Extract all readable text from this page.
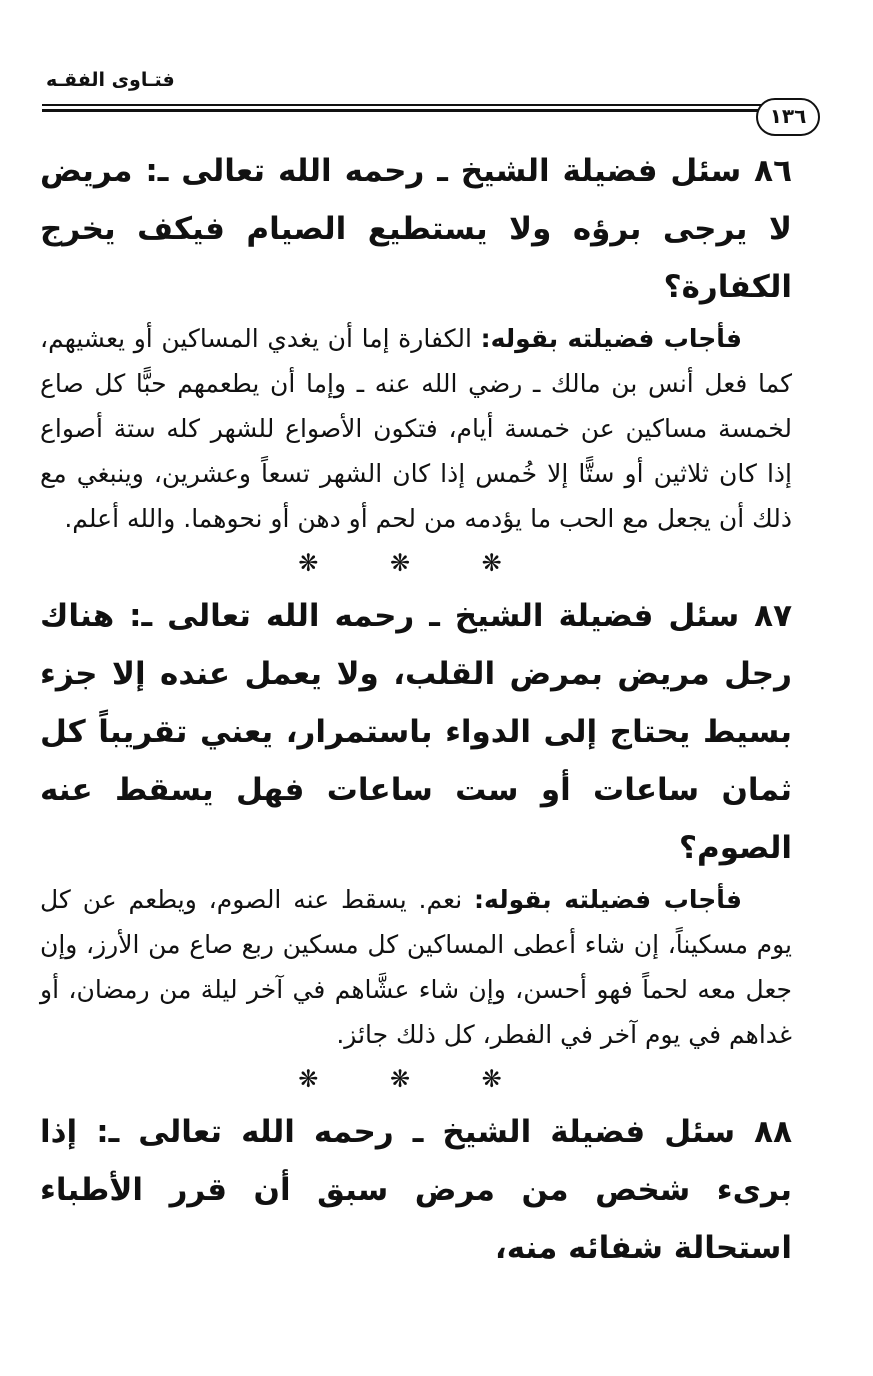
فتـاوى الفقـه
١٣٦

٨٦ سئل فضيلة الشيخ ـ رحمه الله تعالى ـ: مريض لا يرجى برؤه ولا يستطيع الصيام فيكف يخرج الكفارة؟

فأجاب فضيلته بقوله: الكفارة إما أن يغدي المساكين أو يعشيهم، كما فعل أنس بن مالك ـ رضي الله عنه ـ وإما أن يطعمهم حبًّا كل صاع لخمسة مساكين عن خمسة أيام، فتكون الأصواع للشهر كله ستة أصواع إذا كان ثلاثين أو ستًّا إلا خُمس إذا كان الشهر تسعاً وعشرين، وينبغي مع ذلك أن يجعل مع الحب ما يؤدمه من لحم أو دهن أو نحوهما. والله أعلم.

❋ ❋ ❋

٨٧ سئل فضيلة الشيخ ـ رحمه الله تعالى ـ: هناك رجل مريض بمرض القلب، ولا يعمل عنده إلا جزء بسيط يحتاج إلى الدواء باستمرار، يعني تقريباً كل ثمان ساعات أو ست ساعات فهل يسقط عنه الصوم؟

فأجاب فضيلته بقوله: نعم. يسقط عنه الصوم، ويطعم عن كل يوم مسكيناً، إن شاء أعطى المساكين كل مسكين ربع صاع من الأرز، وإن جعل معه لحماً فهو أحسن، وإن شاء عشَّاهم في آخر ليلة من رمضان، أو غداهم في يوم آخر في الفطر، كل ذلك جائز.

❋ ❋ ❋

٨٨ سئل فضيلة الشيخ ـ رحمه الله تعالى ـ: إذا برىء شخص من مرض سبق أن قرر الأطباء استحالة شفائه منه،
